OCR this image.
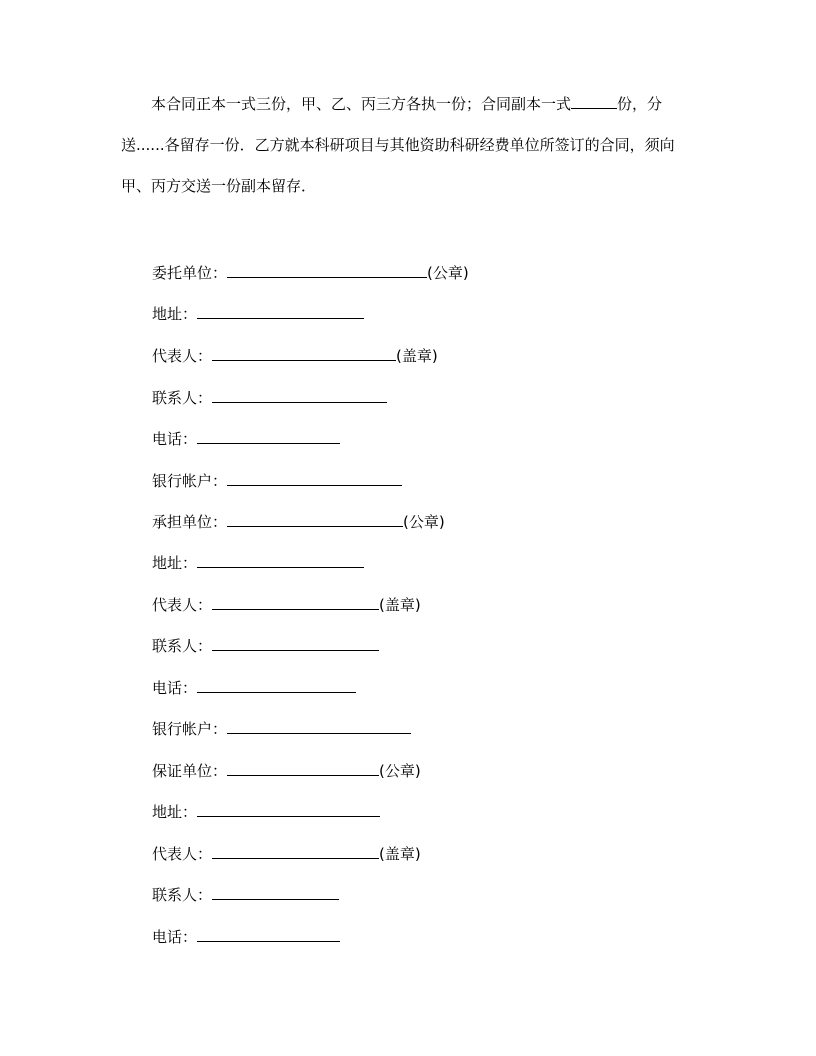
本合同正本一式三份，甲、乙、丙三方各执一份；合同副本一式	份，分送......各留存一份．乙方就本科研项目与其他资助科研经费单位所签订的合同，须向甲、丙方交送一份副本留存．

委托单位：	(公章)
地址：
代表人：	(盖章)
联系人：
电话：
银行帐户：
承担单位：	(公章)
地址：
代表人：	(盖章)
联系人：
电话：
银行帐户：
保证单位：	(公章)
地址：
代表人：	(盖章)
联系人：
电话：
